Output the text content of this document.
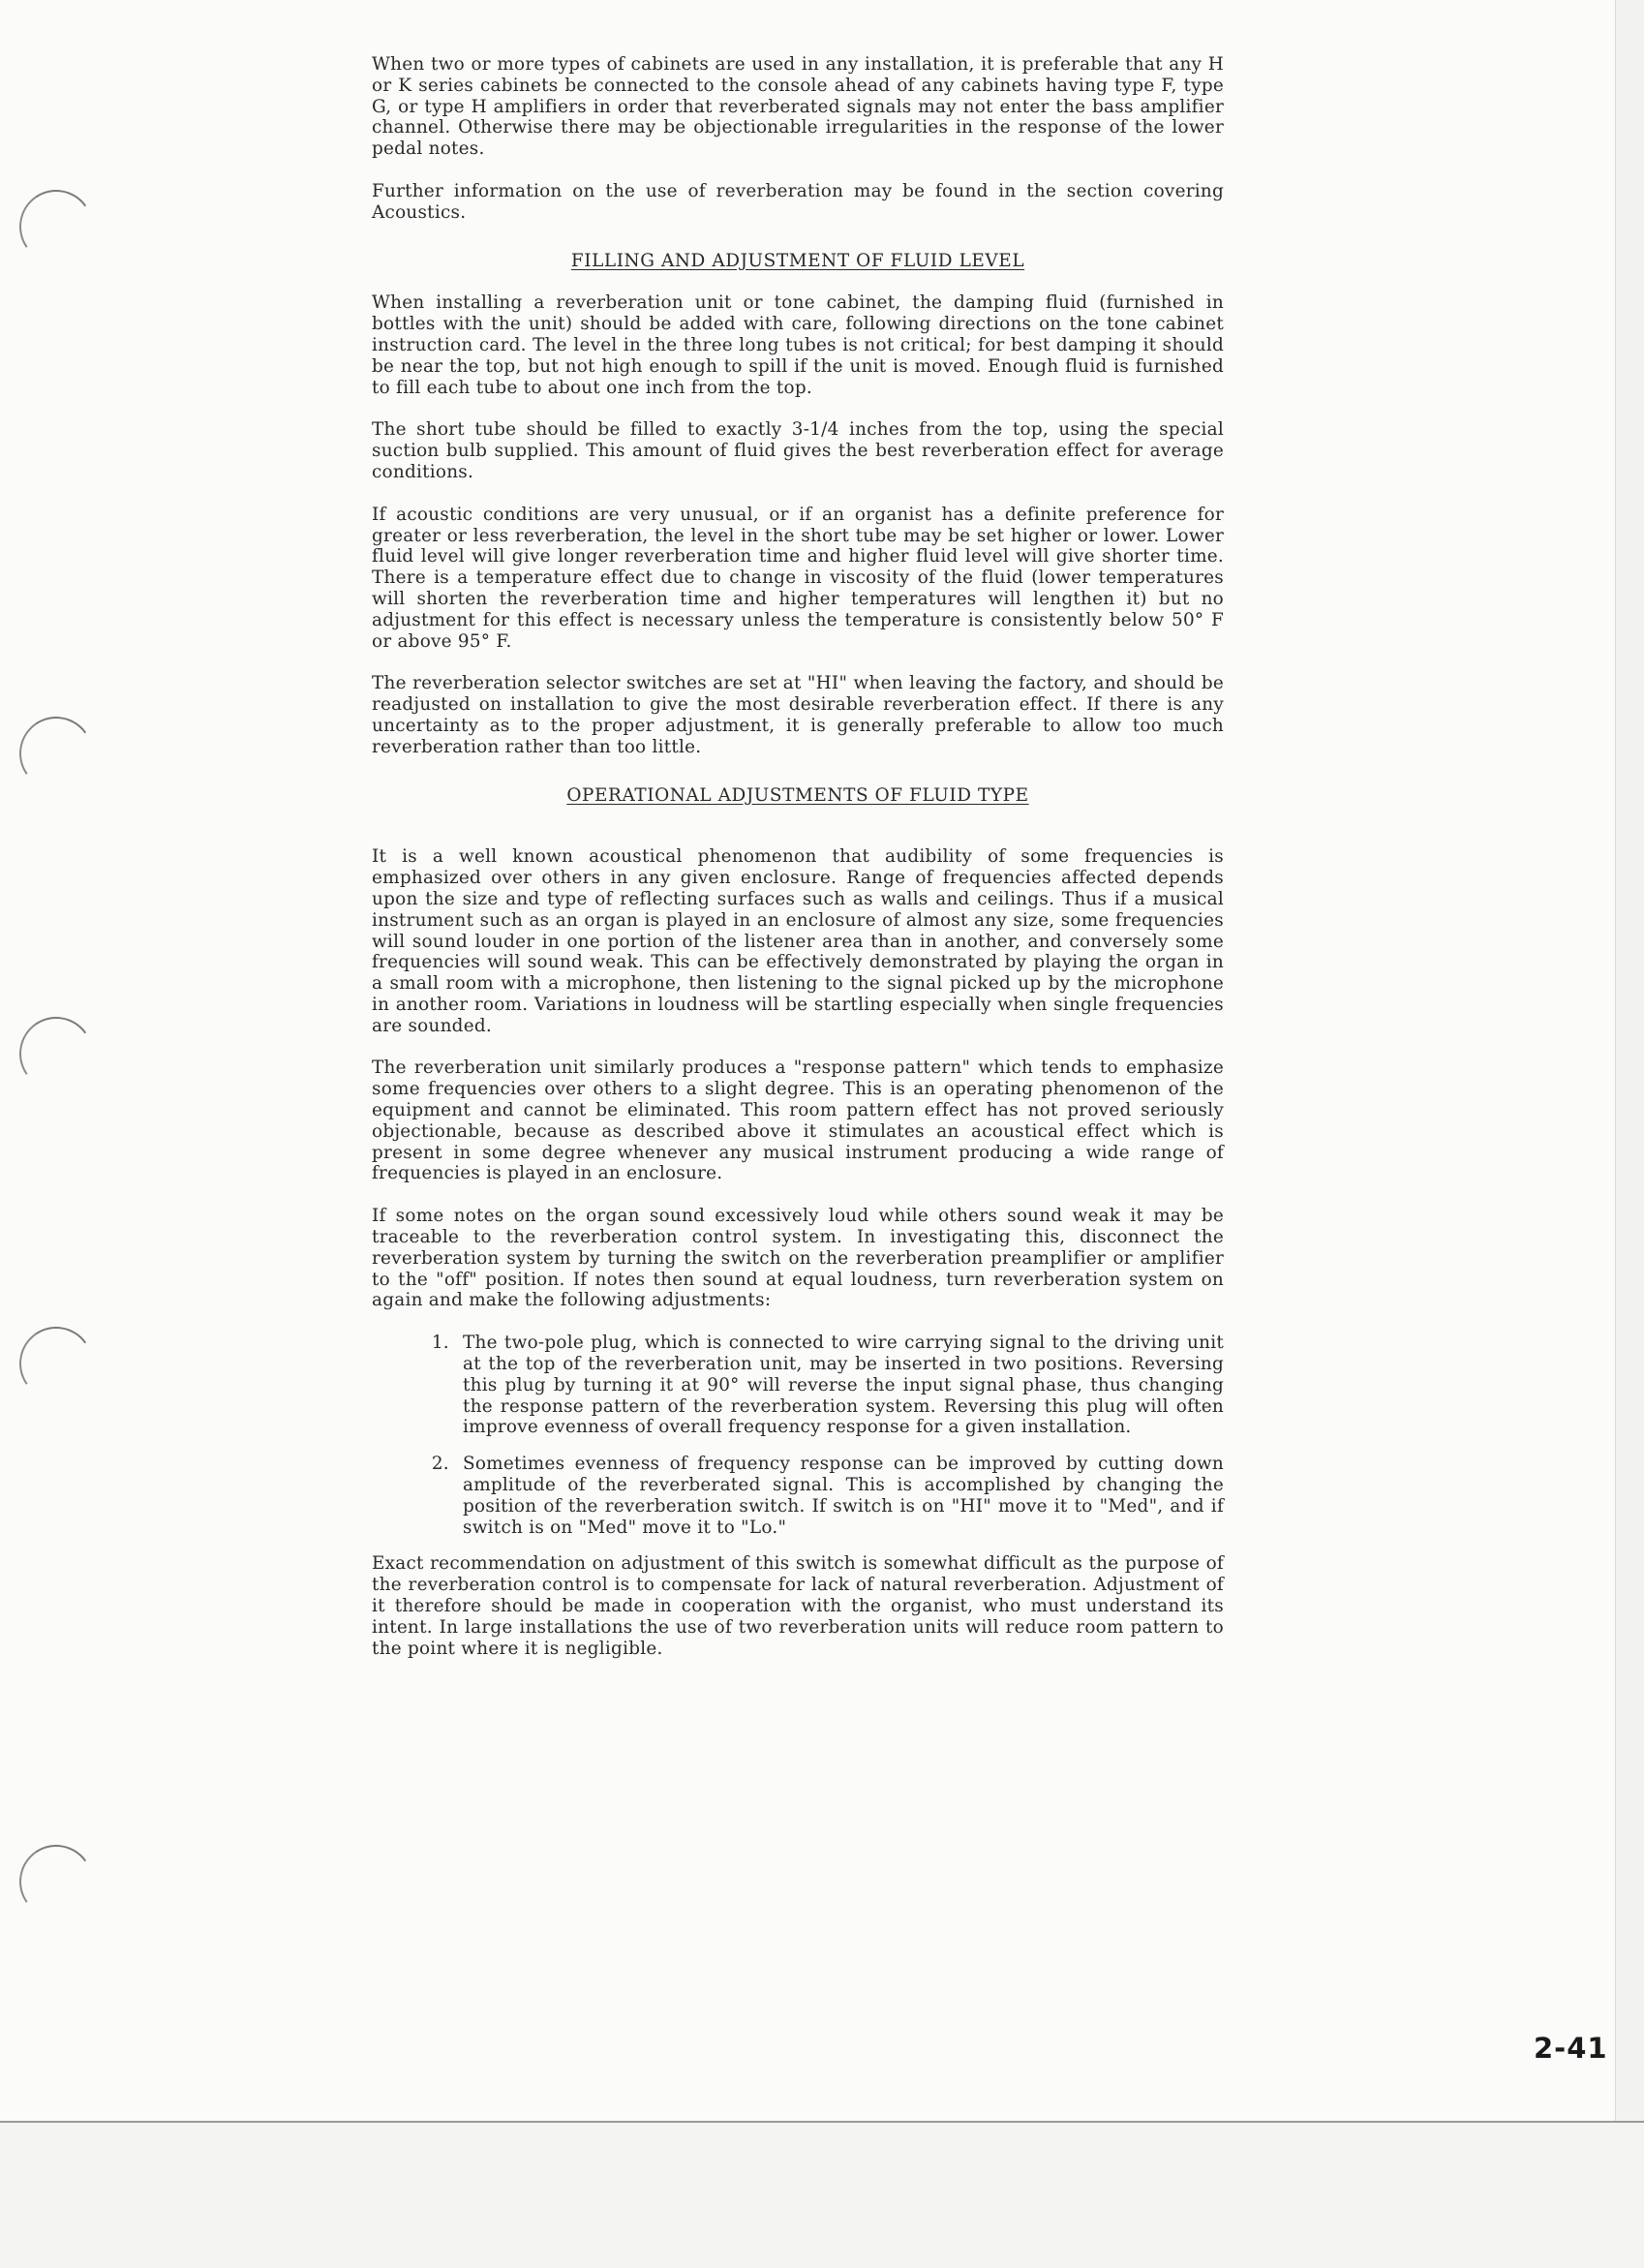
When two or more types of cabinets are used in any installation, it is preferable that any H or K series cabinets be connected to the console ahead of any cabinets having type F, type G, or type H amplifiers in order that reverberated signals may not enter the bass amplifier channel. Otherwise there may be objectionable irregularities in the response of the lower pedal notes.

Further information on the use of reverberation may be found in the section covering Acoustics.

FILLING AND ADJUSTMENT OF FLUID LEVEL

When installing a reverberation unit or tone cabinet, the damping fluid (furnished in bottles with the unit) should be added with care, following directions on the tone cabinet instruction card. The level in the three long tubes is not critical; for best damping it should be near the top, but not high enough to spill if the unit is moved. Enough fluid is furnished to fill each tube to about one inch from the top.

The short tube should be filled to exactly 3-1/4 inches from the top, using the special suction bulb supplied. This amount of fluid gives the best reverberation effect for average conditions.

If acoustic conditions are very unusual, or if an organist has a definite preference for greater or less reverberation, the level in the short tube may be set higher or lower. Lower fluid level will give longer reverberation time and higher fluid level will give shorter time. There is a temperature effect due to change in viscosity of the fluid (lower temperatures will shorten the reverberation time and higher temperatures will lengthen it) but no adjustment for this effect is necessary unless the temperature is consistently below 50° F or above 95° F.

The reverberation selector switches are set at "HI" when leaving the factory, and should be readjusted on installation to give the most desirable reverberation effect. If there is any uncertainty as to the proper adjustment, it is generally preferable to allow too much reverberation rather than too little.

OPERATIONAL ADJUSTMENTS OF FLUID TYPE

It is a well known acoustical phenomenon that audibility of some frequencies is emphasized over others in any given enclosure. Range of frequencies affected depends upon the size and type of reflecting surfaces such as walls and ceilings. Thus if a musical instrument such as an organ is played in an enclosure of almost any size, some frequencies will sound louder in one portion of the listener area than in another, and conversely some frequencies will sound weak. This can be effectively demonstrated by playing the organ in a small room with a microphone, then listening to the signal picked up by the microphone in another room. Variations in loudness will be startling especially when single frequencies are sounded.

The reverberation unit similarly produces a "response pattern" which tends to emphasize some frequencies over others to a slight degree. This is an operating phenomenon of the equipment and cannot be eliminated. This room pattern effect has not proved seriously objectionable, because as described above it stimulates an acoustical effect which is present in some degree whenever any musical instrument producing a wide range of frequencies is played in an enclosure.

If some notes on the organ sound excessively loud while others sound weak it may be traceable to the reverberation control system. In investigating this, disconnect the reverberation system by turning the switch on the reverberation preamplifier or amplifier to the "off" position. If notes then sound at equal loudness, turn reverberation system on again and make the following adjustments:

1. The two-pole plug, which is connected to wire carrying signal to the driving unit at the top of the reverberation unit, may be inserted in two positions. Reversing this plug by turning it at 90° will reverse the input signal phase, thus changing the response pattern of the reverberation system. Reversing this plug will often improve evenness of overall frequency response for a given installation.
2. Sometimes evenness of frequency response can be improved by cutting down amplitude of the reverberated signal. This is accomplished by changing the position of the reverberation switch. If switch is on "HI" move it to "Med", and if switch is on "Med" move it to "Lo."

Exact recommendation on adjustment of this switch is somewhat difficult as the purpose of the reverberation control is to compensate for lack of natural reverberation. Adjustment of it therefore should be made in cooperation with the organist, who must understand its intent. In large installations the use of two reverberation units will reduce room pattern to the point where it is negligible.

2-41
